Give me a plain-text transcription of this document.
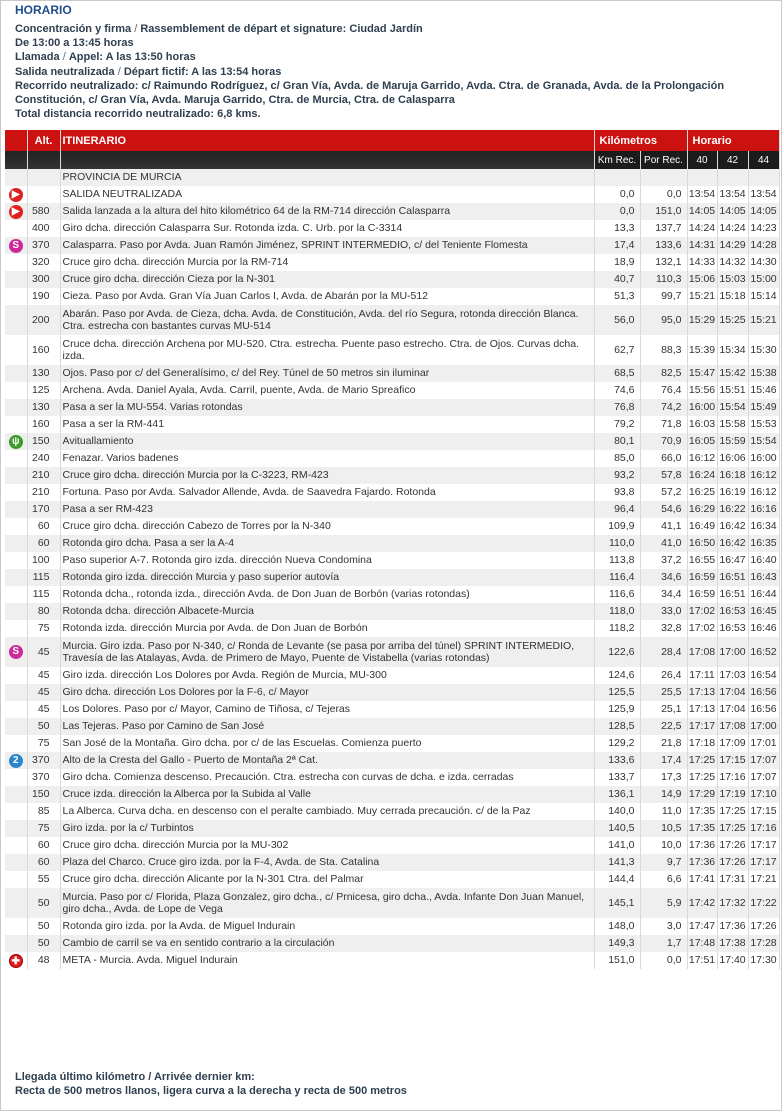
HORARIO
Concentración y firma / Rassemblement de départ et signature: Ciudad Jardín
De 13:00 a 13:45 horas
Llamada / Appel: A las 13:50 horas
Salida neutralizada / Départ fictif: A las 13:54 horas
Recorrido neutralizado: c/ Raimundo Rodríguez, c/ Gran Vía, Avda. de Maruja Garrido, Avda. Ctra. de Granada, Avda. de la Prolongación
Constitución, c/ Gran Vía, Avda. Maruja Garrido, Ctra. de Murcia, Ctra. de Calasparra
Total distancia recorrido neutralizado: 6,8 kms.
	Alt.	ITINERARIO	Kilómetros		Horario		
			Km Rec.	Por Rec.	40	42	44
		PROVINCIA DE MURCIA					
▶		SALIDA NEUTRALIZADA	0,0	0,0	13:54	13:54	13:54
▶	580	Salida lanzada a la altura del hito kilométrico 64 de la RM-714 dirección Calasparra	0,0	151,0	14:05	14:05	14:05
	400	Giro dcha. dirección Calasparra Sur. Rotonda izda. C. Urb. por la C-3314	13,3	137,7	14:24	14:24	14:23
S	370	Calasparra. Paso por Avda. Juan Ramón Jiménez, SPRINT INTERMEDIO, c/ del Teniente Flomesta	17,4	133,6	14:31	14:29	14:28
	320	Cruce giro dcha. dirección Murcia por la RM-714	18,9	132,1	14:33	14:32	14:30
	300	Cruce giro dcha. dirección Cieza por la N-301	40,7	110,3	15:06	15:03	15:00
	190	Cieza. Paso por Avda. Gran Vía Juan Carlos I, Avda. de Abarán por la MU-512	51,3	99,7	15:21	15:18	15:14
	200	Abarán. Paso por Avda. de Cieza, dcha. Avda. de Constitución, Avda. del río Segura, rotonda dirección Blanca. Ctra. estrecha con bastantes curvas MU-514	56,0	95,0	15:29	15:25	15:21
	160	Cruce dcha. dirección Archena por MU-520. Ctra. estrecha. Puente paso estrecho. Ctra. de Ojos. Curvas dcha. izda.	62,7	88,3	15:39	15:34	15:30
	130	Ojos. Paso por c/ del Generalísimo, c/ del Rey. Túnel de 50 metros sin iluminar	68,5	82,5	15:47	15:42	15:38
	125	Archena. Avda. Daniel Ayala, Avda. Carril, puente, Avda. de Mario Spreafico	74,6	76,4	15:56	15:51	15:46
	130	Pasa a ser la MU-554. Varias rotondas	76,8	74,2	16:00	15:54	15:49
	160	Pasa a ser la RM-441	79,2	71,8	16:03	15:58	15:53
ψ	150	Avituallamiento	80,1	70,9	16:05	15:59	15:54
	240	Fenazar. Varios badenes	85,0	66,0	16:12	16:06	16:00
	210	Cruce giro dcha. dirección Murcia por la C-3223, RM-423	93,2	57,8	16:24	16:18	16:12
	210	Fortuna. Paso por Avda. Salvador Allende, Avda. de Saavedra Fajardo. Rotonda	93,8	57,2	16:25	16:19	16:12
	170	Pasa a ser RM-423	96,4	54,6	16:29	16:22	16:16
	60	Cruce giro dcha. dirección Cabezo de Torres por la N-340	109,9	41,1	16:49	16:42	16:34
	60	Rotonda giro dcha. Pasa a ser la A-4	110,0	41,0	16:50	16:42	16:35
	100	Paso superior A-7. Rotonda giro izda. dirección Nueva Condomina	113,8	37,2	16:55	16:47	16:40
	115	Rotonda giro izda. dirección Murcia y paso superior autovía	116,4	34,6	16:59	16:51	16:43
	115	Rotonda dcha., rotonda izda., dirección Avda. de Don Juan de Borbón (varias rotondas)	116,6	34,4	16:59	16:51	16:44
	80	Rotonda dcha. dirección Albacete-Murcia	118,0	33,0	17:02	16:53	16:45
	75	Rotonda izda. dirección Murcia por Avda. de Don Juan de Borbón	118,2	32,8	17:02	16:53	16:46
S	45	Murcia. Giro izda. Paso por N-340, c/ Ronda de Levante (se pasa por arriba del túnel) SPRINT INTERMEDIO, Travesía de las Atalayas, Avda. de Primero de Mayo, Puente de Vistabella (varias rotondas)	122,6	28,4	17:08	17:00	16:52
	45	Giro izda. dirección Los Dolores por Avda. Región de Murcia, MU-300	124,6	26,4	17:11	17:03	16:54
	45	Giro dcha. dirección Los Dolores por la F-6, c/ Mayor	125,5	25,5	17:13	17:04	16:56
	45	Los Dolores. Paso por c/ Mayor, Camino de Tiñosa, c/ Tejeras	125,9	25,1	17:13	17:04	16:56
	50	Las Tejeras. Paso por Camino de San José	128,5	22,5	17:17	17:08	17:00
	75	San José de la Montaña. Giro dcha. por c/ de las Escuelas. Comienza puerto	129,2	21,8	17:18	17:09	17:01
2	370	Alto de la Cresta del Gallo - Puerto de Montaña 2ª Cat.	133,6	17,4	17:25	17:15	17:07
	370	Giro dcha. Comienza descenso. Precaución. Ctra. estrecha con curvas de dcha. e izda. cerradas	133,7	17,3	17:25	17:16	17:07
	150	Cruce izda. dirección la Alberca por la Subida al Valle	136,1	14,9	17:29	17:19	17:10
	85	La Alberca. Curva dcha. en descenso con el peralte cambiado. Muy cerrada precaución. c/ de la Paz	140,0	11,0	17:35	17:25	17:15
	75	Giro izda. por la c/ Turbintos	140,5	10,5	17:35	17:25	17:16
	60	Cruce giro dcha. dirección Murcia por la MU-302	141,0	10,0	17:36	17:26	17:17
	60	Plaza del Charco. Cruce giro izda. por la F-4, Avda. de Sta. Catalina	141,3	9,7	17:36	17:26	17:17
	55	Cruce giro dcha. dirección Alicante por la N-301 Ctra. del Palmar	144,4	6,6	17:41	17:31	17:21
	50	Murcia. Paso por c/ Florida, Plaza Gonzalez, giro dcha., c/ Prnicesa, giro dcha., Avda. Infante Don Juan Manuel, giro dcha., Avda. de Lope de Vega	145,1	5,9	17:42	17:32	17:22
	50	Rotonda giro izda. por la Avda. de Miguel Indurain	148,0	3,0	17:47	17:36	17:26
	50	Cambio de carril se va en sentido contrario a la circulación	149,3	1,7	17:48	17:38	17:28
✚	48	META - Murcia. Avda. Miguel Indurain	151,0	0,0	17:51	17:40	17:30
Llegada último kilómetro / Arrivée dernier km:
Recta de 500 metros llanos, ligera curva a la derecha y recta de 500 metros
